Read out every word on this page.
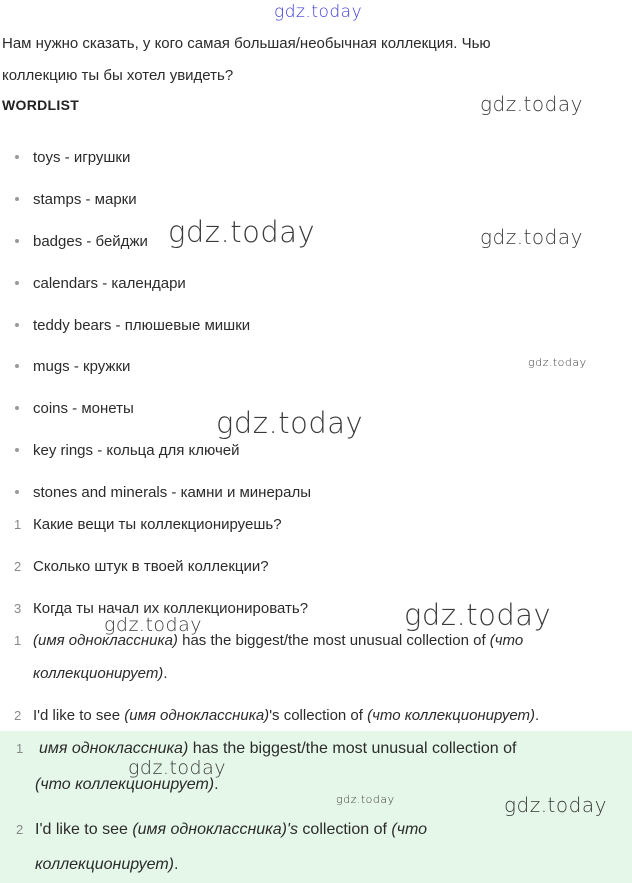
Нам нужно сказать, у кого самая большая/необычная коллекция. Чью
коллекцию ты бы хотел увидеть?
WORDLIST
toys - игрушки
stamps - марки
badges - бейджи
calendars - календари
teddy bears - плюшевые мишки
mugs - кружки
coins - монеты
key rings - кольца для ключей
stones and minerals - камни и минералы
1 Какие вещи ты коллекционируешь?
2 Сколько штук в твоей коллекции?
3 Когда ты начал их коллекционировать?
1 (имя одноклассника) has the biggest/the most unusual collection of (что
коллекционирует).
2 I'd like to see (имя одноклассника)'s collection of (что коллекционирует).
1 имя одноклассника) has the biggest/the most unusual collection of
(что коллекционирует).
2 I'd like to see (имя одноклассника)'s collection of (что
коллекционирует).
gdz.today
gdz.today
gdz.today	gdz.today
gdz.today
gdz.today
gdz.today
gdz.today
gdz.today
gdz.today	gdz.today
